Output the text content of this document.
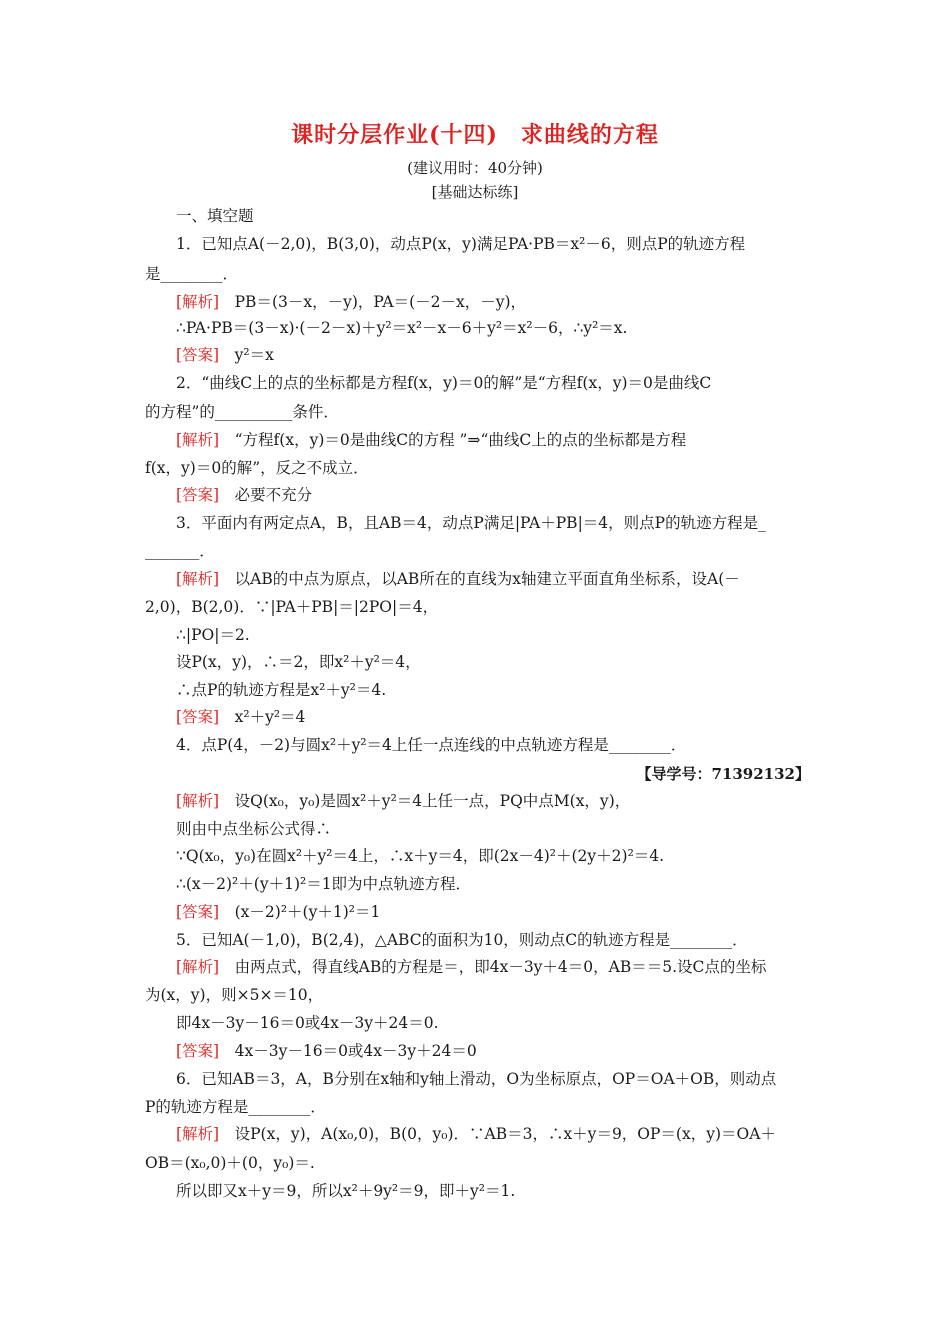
课时分层作业(十四)　求曲线的方程
(建议用时：40分钟)
[基础达标练]
一、填空题
1．已知点A(－2,0)，B(3,0)，动点P(x，y)满足PA·PB＝x²－6，则点P的轨迹方程
是________．
[解析]　 PB＝(3－x，－y)，PA＝(－2－x，－y)，
∴PA·PB＝(3－x)·(－2－x)＋y²＝x²－x－6＋y²＝x²－6，∴y²＝x.
[答案]　 y²＝x
2．“曲线C上的点的坐标都是方程f(x，y)＝0的解”是“方程f(x，y)＝0是曲线C
的方程”的__________条件．
[解析]　 “方程f(x，y)＝0是曲线C的方程 ”⇒“曲线C上的点的坐标都是方程
f(x，y)＝0的解”，反之不成立．
[答案]　 必要不充分
3．平面内有两定点A，B，且AB＝4，动点P满足|PA＋PB|＝4，则点P的轨迹方程是_
_______．
[解析]　 以AB的中点为原点，以AB所在的直线为x轴建立平面直角坐标系，设A(－
2,0)，B(2,0)．∵|PA＋PB|＝|2PO|＝4，
∴|PO|＝2.
设P(x，y)，∴＝2，即x²＋y²＝4，
∴点P的轨迹方程是x²＋y²＝4.
[答案]　 x²＋y²＝4
4．点P(4，－2)与圆x²＋y²＝4上任一点连线的中点轨迹方程是________．
【导学号：71392132】
[解析]　 设Q(x₀，y₀)是圆x²＋y²＝4上任一点，PQ中点M(x，y)，
则由中点坐标公式得∴
∵Q(x₀，y₀)在圆x²＋y²＝4上，∴x＋y＝4，即(2x－4)²＋(2y＋2)²＝4.
∴(x－2)²＋(y＋1)²＝1即为中点轨迹方程．
[答案]　 (x－2)²＋(y＋1)²＝1
5．已知A(－1,0)，B(2,4)，△ABC的面积为10，则动点C的轨迹方程是________．
[解析]　 由两点式，得直线AB的方程是＝，即4x－3y＋4＝0，AB＝＝5.设C点的坐标
为(x，y)，则×5×＝10，
即4x－3y－16＝0或4x－3y＋24＝0.
[答案]　 4x－3y－16＝0或4x－3y＋24＝0
6．已知AB＝3，A，B分别在x轴和y轴上滑动，O为坐标原点，OP＝OA＋OB，则动点
P的轨迹方程是________．
[解析]　 设P(x，y)，A(x₀,0)，B(0，y₀)．∵AB＝3，∴x＋y＝9，OP＝(x，y)＝OA＋
OB＝(x₀,0)＋(0，y₀)＝.
所以即又x＋y＝9，所以x²＋9y²＝9，即＋y²＝1.
